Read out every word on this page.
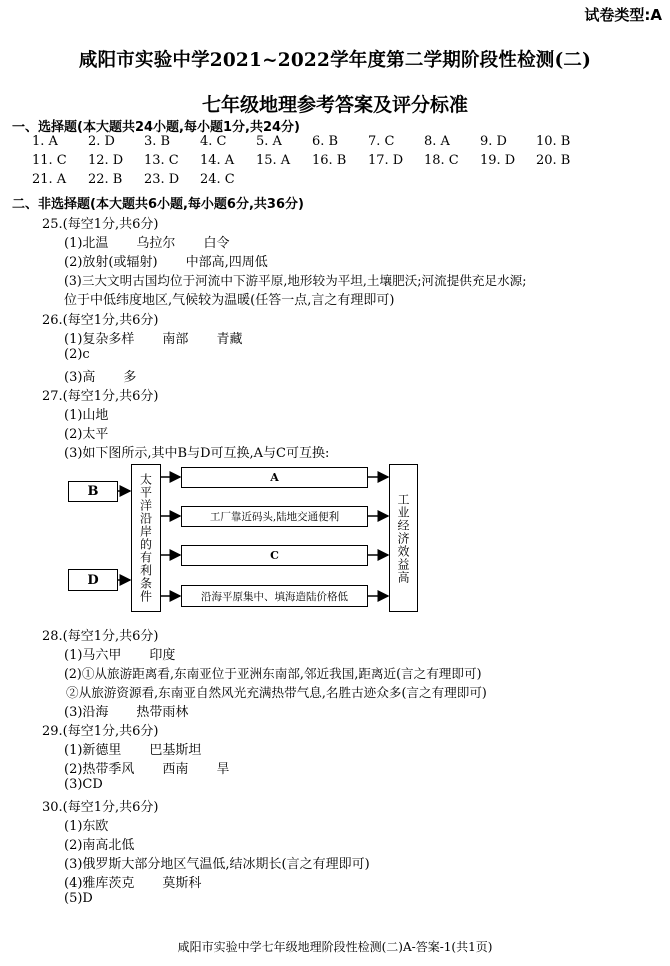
试卷类型:A
咸阳市实验中学2021~2022学年度第二学期阶段性检测(二)
七年级地理参考答案及评分标准
一、选择题(本大题共24小题,每小题1分,共24分)
1. A	2. D	3. B	4. C	5. A	6. B	7. C	8. A	9. D	10. B
11. C	12. D	13. C	14. A	15. A	16. B	17. D	18. C	19. D	20. B
21. A	22. B	23. D	24. C
二、非选择题(本大题共6小题,每小题6分,共36分)
25.(每空1分,共6分)
(1)北温 乌拉尔 白令
(2)放射(或辐射) 中部高,四周低
(3)三大文明古国均位于河流中下游平原,地形较为平坦,土壤肥沃;河流提供充足水源;
位于中低纬度地区,气候较为温暖(任答一点,言之有理即可)
26.(每空1分,共6分)
(1)复杂多样 南部 青藏
(2)c
(3)高 多
27.(每空1分,共6分)
(1)山地
(2)太平
(3)如下图所示,其中B与D可互换,A与C可互换:
B
D	太平洋沿岸的有利条件	A
工厂靠近码头,陆地交通便利
C
沿海平原集中、填海造陆价格低
工业经济效益高
28.(每空1分,共6分)
(1)马六甲 印度
(2)①从旅游距离看,东南亚位于亚洲东南部,邻近我国,距离近(言之有理即可)
②从旅游资源看,东南亚自然风光充满热带气息,名胜古迹众多(言之有理即可)
(3)沿海 热带雨林
29.(每空1分,共6分)
(1)新德里 巴基斯坦
(2)热带季风 西南 旱
(3)CD
30.(每空1分,共6分)
(1)东欧
(2)南高北低
(3)俄罗斯大部分地区气温低,结冰期长(言之有理即可)
(4)雅库茨克 莫斯科
(5)D
咸阳市实验中学七年级地理阶段性检测(二)A-答案-1(共1页)
